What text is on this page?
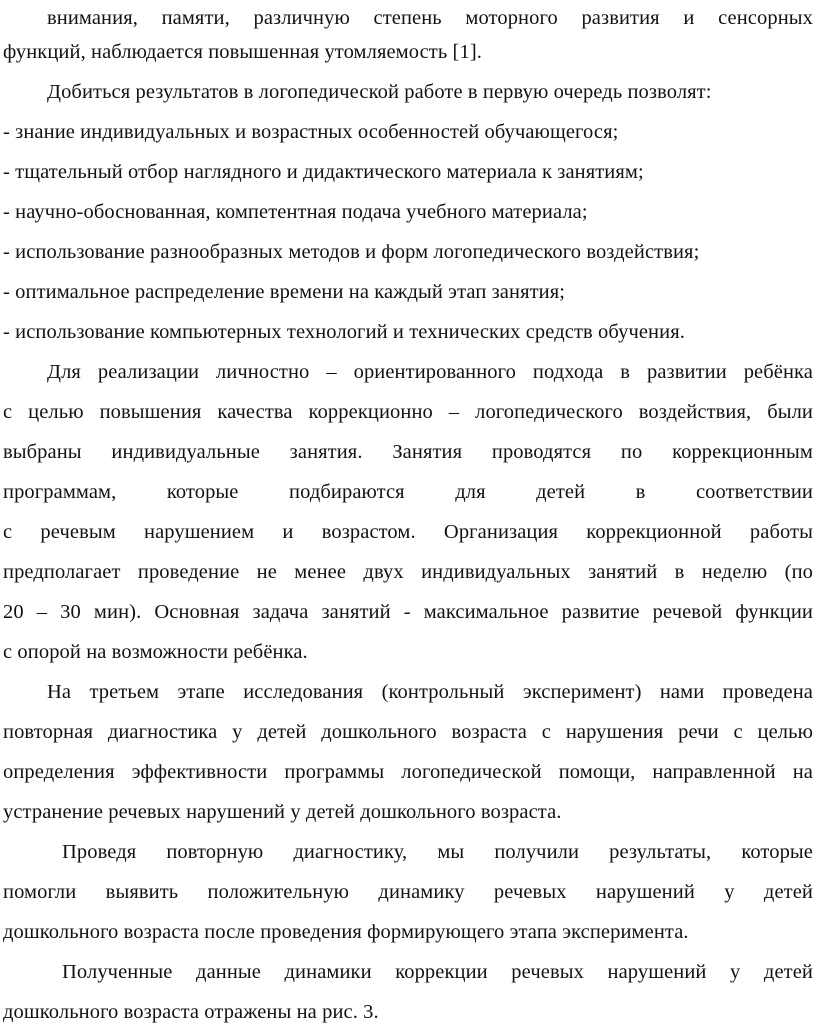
внимания, памяти, различную степень моторного развития и сенсорных
функций, наблюдается повышенная утомляемость [1].
Добиться результатов в логопедической работе в первую очередь позволят:
- знание индивидуальных и возрастных особенностей обучающегося;
- тщательный отбор наглядного и дидактического материала к занятиям;
- научно-обоснованная, компетентная подача учебного материала;
- использование разнообразных методов и форм логопедического воздействия;
- оптимальное распределение времени на каждый этап занятия;
- использование компьютерных технологий и технических средств обучения.
Для реализации личностно – ориентированного подхода в развитии ребёнка
с целью повышения качества коррекционно – логопедического воздействия, были
выбраны индивидуальные занятия. Занятия проводятся по коррекционным
программам, которые подбираются для детей в соответствии
с речевым нарушением и возрастом. Организация коррекционной работы
предполагает проведение не менее двух индивидуальных занятий в неделю (по
20 – 30 мин). Основная задача занятий - максимальное развитие речевой функции
с опорой на возможности ребёнка.
На третьем этапе исследования (контрольный эксперимент) нами проведена
повторная диагностика у детей дошкольного возраста с нарушения речи с целью
определения эффективности программы логопедической помощи, направленной на
устранение речевых нарушений у детей дошкольного возраста.
Проведя повторную диагностику, мы получили результаты, которые
помогли выявить положительную динамику речевых нарушений у детей
дошкольного возраста после проведения формирующего этапа эксперимента.
Полученные данные динамики коррекции речевых нарушений у детей
дошкольного возраста отражены на рис. 3.
